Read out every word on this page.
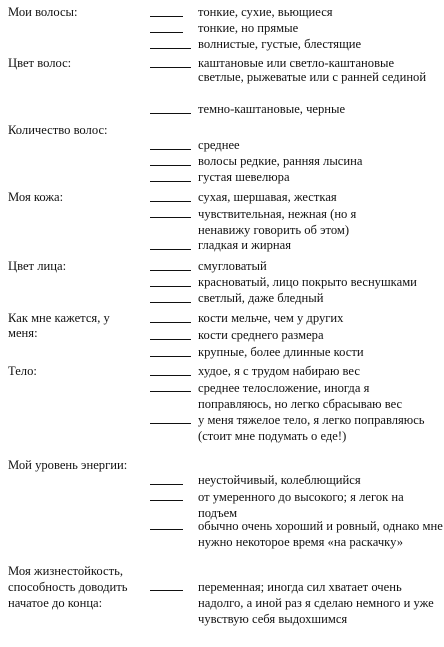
Мои волосы:	тонкие, сухие, вьющиеся
тонкие, но прямые
волнистые, густые, блестящие
Цвет волос:	каштановые или светло-каштановые светлые, рыжеватые или с ранней сединой
темно-каштановые, черные
Количество волос:
среднее
волосы редкие, ранняя лысина
густая шевелюра
Моя кожа:	сухая, шершавая, жесткая
чувствительная, нежная (но я ненавижу говорить об этом)
гладкая и жирная
Цвет лица:	смугловатый
красноватый, лицо покрыто веснушками
светлый, даже бледный
Как мне кажется, у меня:
кости мельче, чем у других
кости среднего размера
крупные, более длинные кости
Тело:	худое, я с трудом набираю вес
среднее телосложение, иногда я поправляюсь, но легко сбрасываю вес
у меня тяжелое тело, я легко поправляюсь (стоит мне подумать о еде!)
Мой уровень энергии:
неустойчивый, колеблющийся
от умеренного до высокого; я легок на подъем
обычно очень хороший и ровный, однако мне нужно некоторое время «на раскачку»
Моя жизнестойкость, способность доводить начатое до конца:
переменная; иногда сил хватает очень надолго, а иной раз я сделаю немного и уже чувствую себя выдохшимся
